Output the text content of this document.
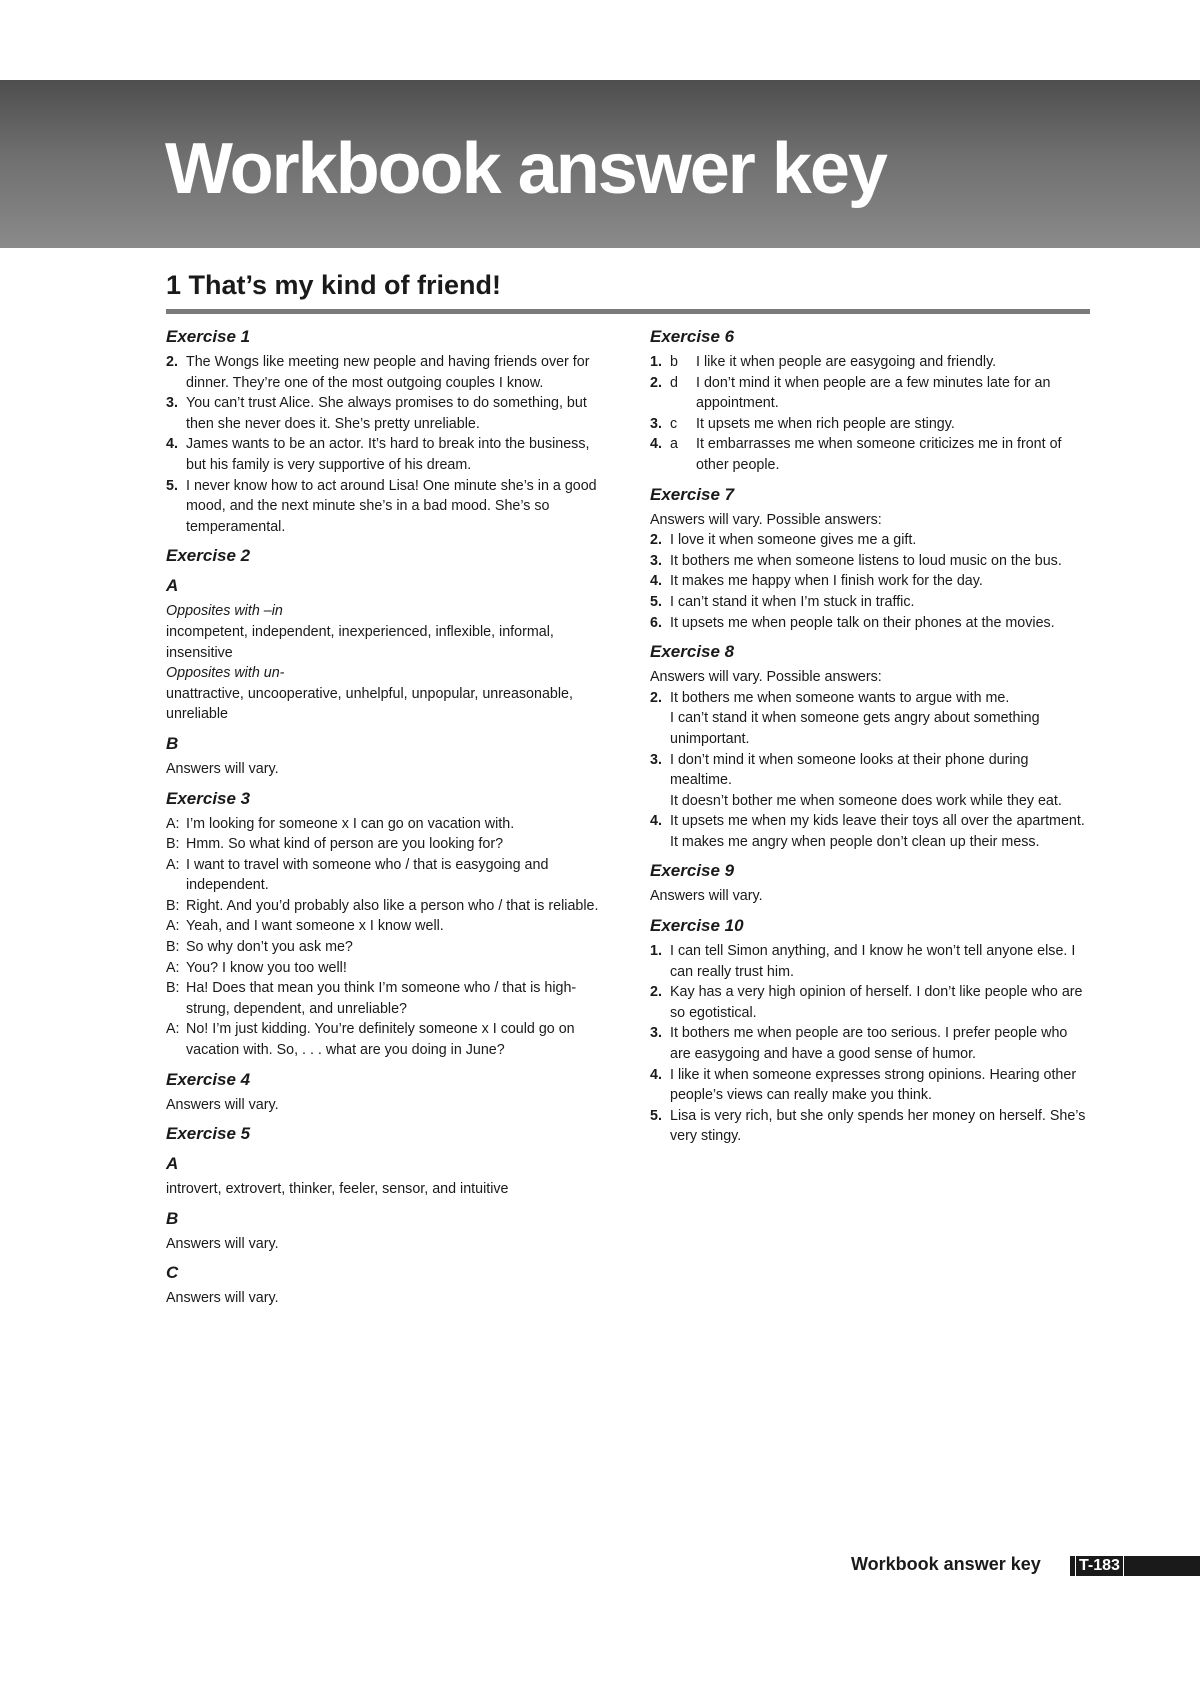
Workbook answer key
1 That’s my kind of friend!
Exercise 1
2. The Wongs like meeting new people and having friends over for dinner. They’re one of the most outgoing couples I know.
3. You can’t trust Alice. She always promises to do something, but then she never does it. She’s pretty unreliable.
4. James wants to be an actor. It’s hard to break into the business, but his family is very supportive of his dream.
5. I never know how to act around Lisa! One minute she’s in a good mood, and the next minute she’s in a bad mood. She’s so temperamental.
Exercise 2
A

Opposites with –in

incompetent, independent, inexperienced, inflexible, informal, insensitive

Opposites with un-

unattractive, uncooperative, unhelpful, unpopular, unreasonable, unreliable

B

Answers will vary.

Exercise 3
A: I’m looking for someone x I can go on vacation with.
B: Hmm. So what kind of person are you looking for?
A: I want to travel with someone who / that is easygoing and independent.
B: Right. And you’d probably also like a person who / that is reliable.
A: Yeah, and I want someone x I know well.
B: So why don’t you ask me?
A: You? I know you too well!
B: Ha! Does that mean you think I’m someone who / that is high-strung, dependent, and unreliable?
A: No! I’m just kidding. You’re definitely someone x I could go on vacation with. So, . . . what are you doing in June?
Exercise 4

Answers will vary.

Exercise 5
A

introvert, extrovert, thinker, feeler, sensor, and intuitive

B

Answers will vary.

C

Answers will vary.

Exercise 6
1. b	I like it when people are easygoing and friendly.
2. d	I don’t mind it when people are a few minutes late for an appointment.
3. c	It upsets me when rich people are stingy.
4. a	It embarrasses me when someone criticizes me in front of other people.
Exercise 7

Answers will vary. Possible answers:

2. I love it when someone gives me a gift.
3. It bothers me when someone listens to loud music on the bus.
4. It makes me happy when I finish work for the day.
5. I can’t stand it when I’m stuck in traffic.
6. It upsets me when people talk on their phones at the movies.
Exercise 8

Answers will vary. Possible answers:

2. It bothers me when someone wants to argue with me.
I can’t stand it when someone gets angry about something unimportant.
3. I don’t mind it when someone looks at their phone during mealtime.
It doesn’t bother me when someone does work while they eat.
4. It upsets me when my kids leave their toys all over the apartment.
It makes me angry when people don’t clean up their mess.
Exercise 9

Answers will vary.

Exercise 10
1. I can tell Simon anything, and I know he won’t tell anyone else. I can really trust him.
2. Kay has a very high opinion of herself. I don’t like people who are so egotistical.
3. It bothers me when people are too serious. I prefer people who are easygoing and have a good sense of humor.
4. I like it when someone expresses strong opinions. Hearing other people’s views can really make you think.
5. Lisa is very rich, but she only spends her money on herself. She’s very stingy.

Workbook answer key T-183
